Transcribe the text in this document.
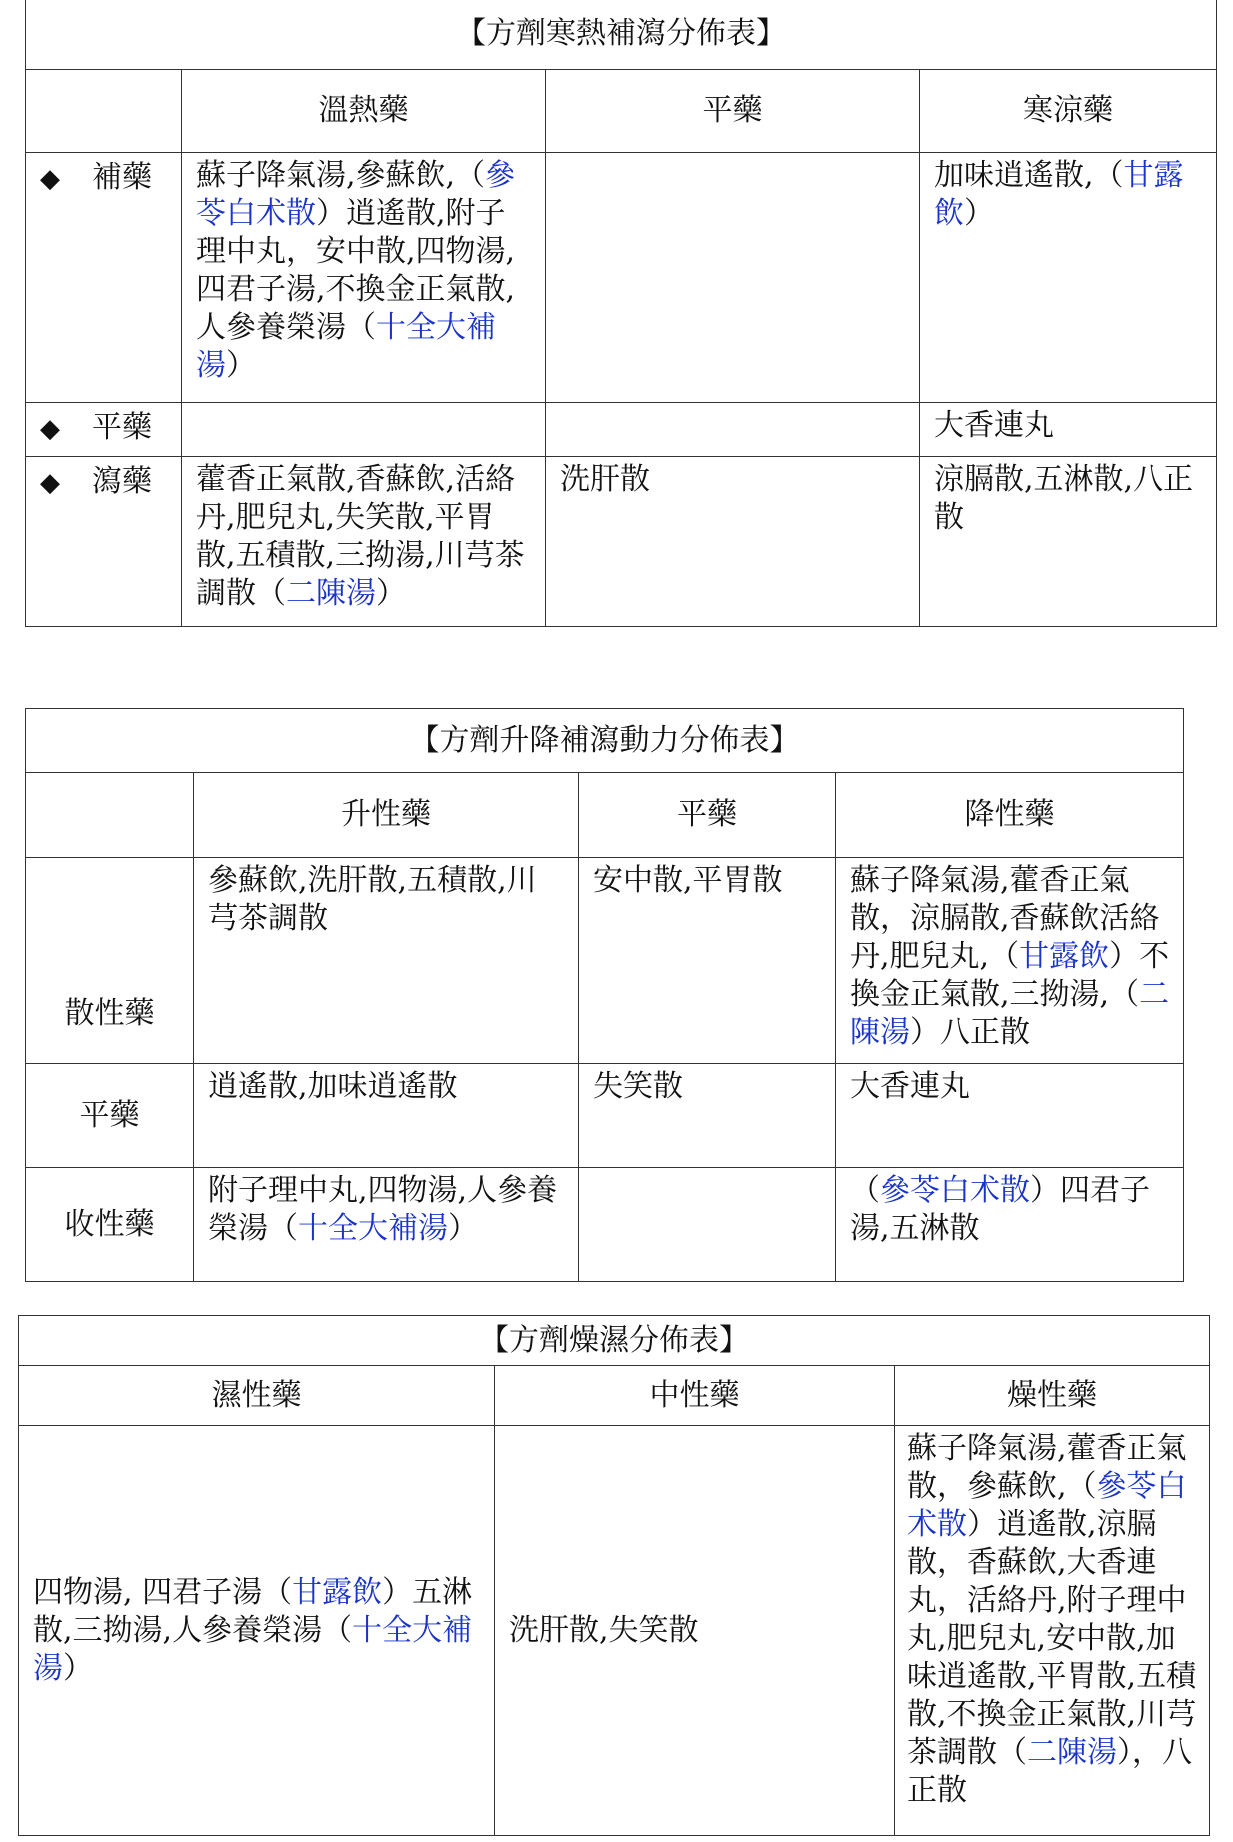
【方劑寒熱補瀉分佈表】			
	溫熱藥	平藥	寒涼藥
◆ 補藥	蘇子降氣湯,參蘇飲,（參苓白术散）逍遙散,附子理中丸，安中散,四物湯,四君子湯,不換金正氣散,人參養榮湯（十全大補湯）		加味逍遙散,（甘露飲）
◆ 平藥			大香連丸
◆ 瀉藥	藿香正氣散,香蘇飲,活絡丹,肥兒丸,失笑散,平胃散,五積散,三拗湯,川芎茶調散（二陳湯）	洗肝散	涼膈散,五淋散,八正散
【方劑升降補瀉動力分佈表】			
	升性藥	平藥	降性藥
散性藥	參蘇飲,洗肝散,五積散,川芎茶調散	安中散,平胃散	蘇子降氣湯,藿香正氣散，涼膈散,香蘇飲活絡丹,肥兒丸,（甘露飲）不換金正氣散,三拗湯,（二陳湯）八正散
平藥	逍遙散,加味逍遙散	失笑散	大香連丸
收性藥	附子理中丸,四物湯,人參養榮湯（十全大補湯）		（參苓白术散）四君子湯,五淋散
【方劑燥濕分佈表】		
濕性藥	中性藥	燥性藥
四物湯, 四君子湯（甘露飲）五淋散,三拗湯,人參養榮湯（十全大補湯）	洗肝散,失笑散	蘇子降氣湯,藿香正氣散，參蘇飲,（參苓白术散）逍遙散,涼膈散，香蘇飲,大香連丸，活絡丹,附子理中丸,肥兒丸,安中散,加味逍遙散,平胃散,五積散,不換金正氣散,川芎茶調散（二陳湯），八正散
